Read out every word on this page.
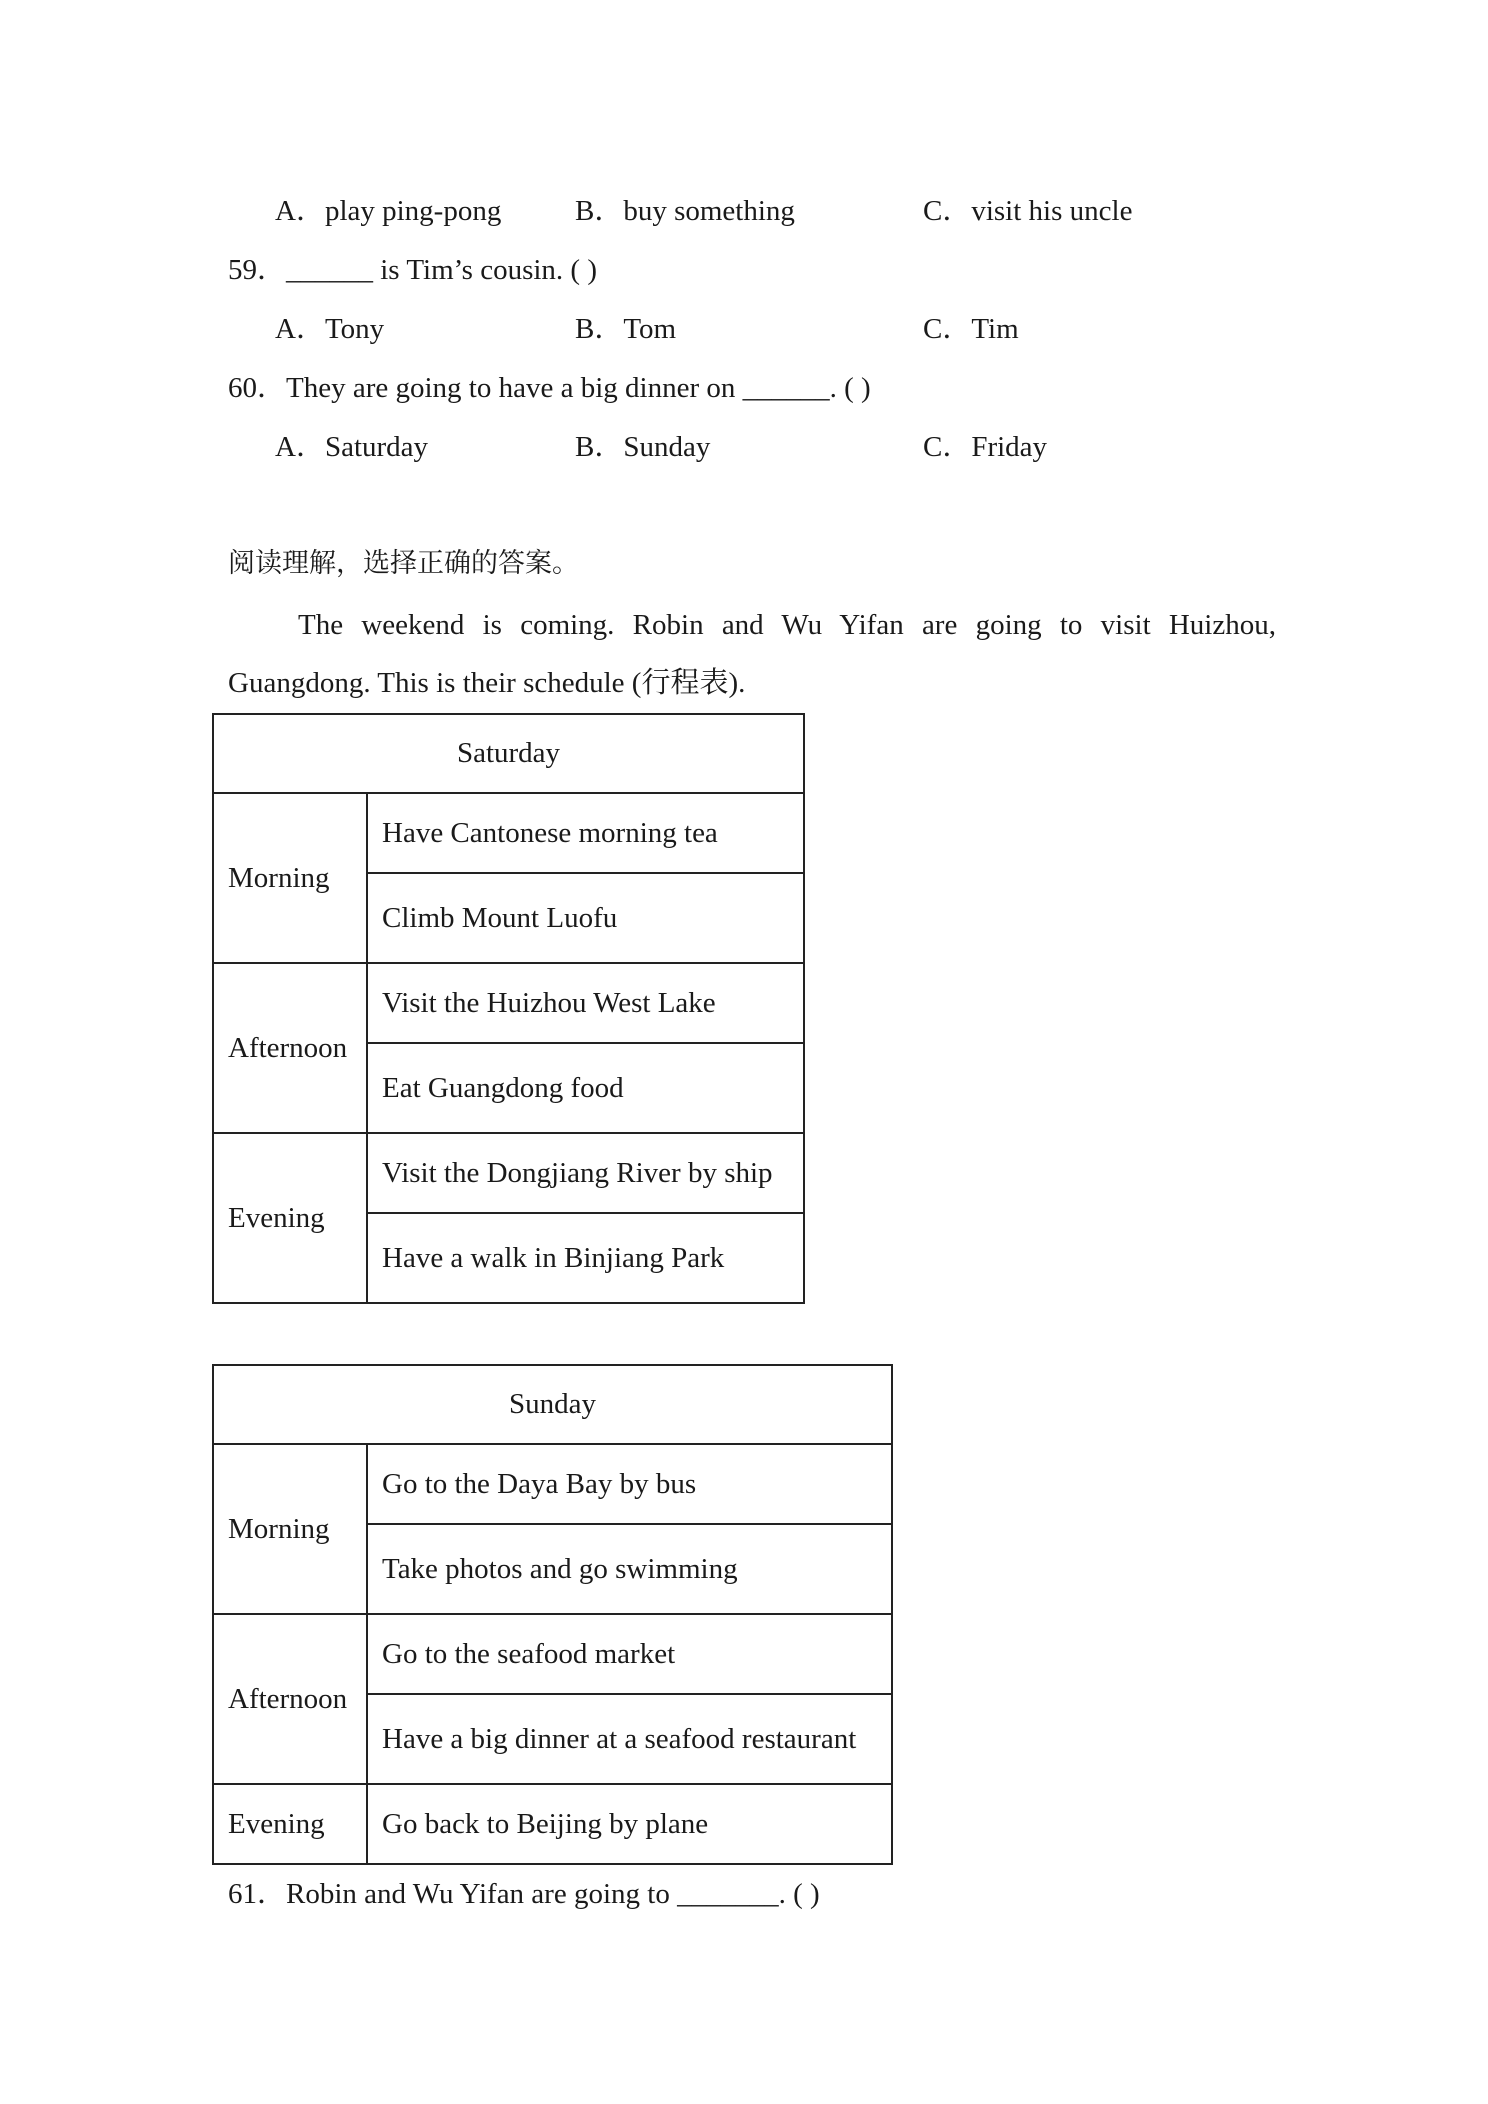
A．play ping-pong	B．buy something	C．visit his uncle
59．______ is Tim’s cousin. ( )
A．Tony	B．Tom	C．Tim
60．They are going to have a big dinner on ______. ( )
A．Saturday	B．Sunday	C．Friday
阅读理解，选择正确的答案。
The weekend is coming. Robin and Wu Yifan are going to visit Huizhou, Guangdong. This is their schedule (行程表).
Saturday	
Morning	Have Cantonese morning tea
	Climb Mount Luofu
Afternoon	Visit the Huizhou West Lake
	Eat Guangdong food
Evening	Visit the Dongjiang River by ship
	Have a walk in Binjiang Park
Sunday	
Morning	Go to the Daya Bay by bus
	Take photos and go swimming
Afternoon	Go to the seafood market
	Have a big dinner at a seafood restaurant
Evening	Go back to Beijing by plane
61．Robin and Wu Yifan are going to _______. ( )
